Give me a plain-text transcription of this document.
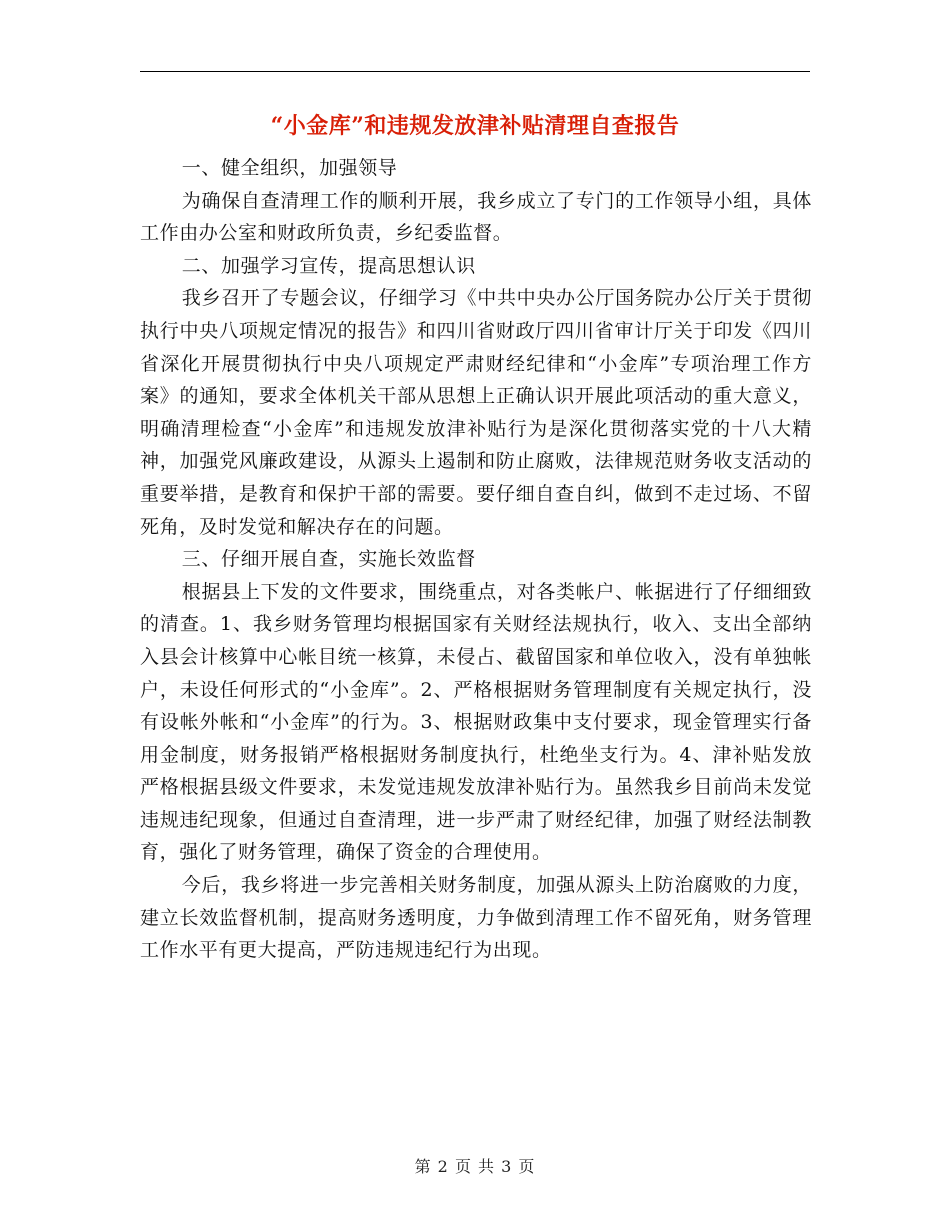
“小金库”和违规发放津补贴清理自查报告

一、健全组织，加强领导

为确保自查清理工作的顺利开展，我乡成立了专门的工作领导小组，具体工作由办公室和财政所负责，乡纪委监督。

二、加强学习宣传，提高思想认识

我乡召开了专题会议，仔细学习《中共中央办公厅国务院办公厅关于贯彻执行中央八项规定情况的报告》和四川省财政厅四川省审计厅关于印发《四川省深化开展贯彻执行中央八项规定严肃财经纪律和“小金库”专项治理工作方案》的通知，要求全体机关干部从思想上正确认识开展此项活动的重大意义，明确清理检查“小金库”和违规发放津补贴行为是深化贯彻落实党的十八大精神，加强党风廉政建设，从源头上遏制和防止腐败，法律规范财务收支活动的重要举措，是教育和保护干部的需要。要仔细自查自纠，做到不走过场、不留死角，及时发觉和解决存在的问题。

三、仔细开展自查，实施长效监督

根据县上下发的文件要求，围绕重点，对各类帐户、帐据进行了仔细细致的清查。1、我乡财务管理均根据国家有关财经法规执行，收入、支出全部纳入县会计核算中心帐目统一核算，未侵占、截留国家和单位收入，没有单独帐户，未设任何形式的“小金库”。2、严格根据财务管理制度有关规定执行，没有设帐外帐和“小金库”的行为。3、根据财政集中支付要求，现金管理实行备用金制度，财务报销严格根据财务制度执行，杜绝坐支行为。4、津补贴发放严格根据县级文件要求，未发觉违规发放津补贴行为。虽然我乡目前尚未发觉违规违纪现象，但通过自查清理，进一步严肃了财经纪律，加强了财经法制教育，强化了财务管理，确保了资金的合理使用。

今后，我乡将进一步完善相关财务制度，加强从源头上防治腐败的力度，建立长效监督机制，提高财务透明度，力争做到清理工作不留死角，财务管理工作水平有更大提高，严防违规违纪行为出现。

第 2 页 共 3 页
